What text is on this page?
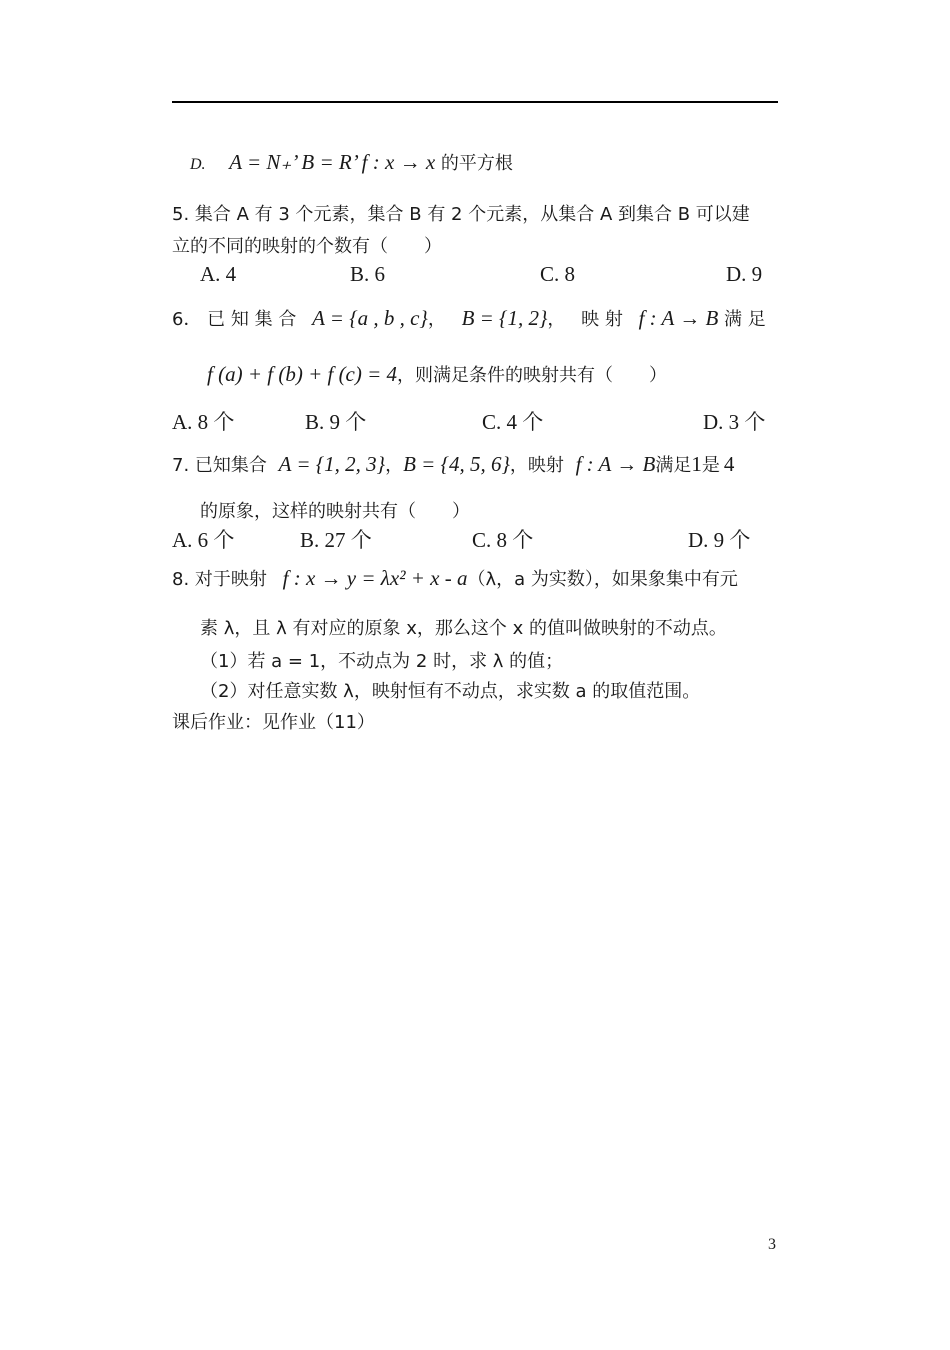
D. A = N₊’ B = R’ f : x → x 的平方根
5. 集合 A 有 3 个元素，集合 B 有 2 个元素，从集合 A 到集合 B 可以建
立的不同的映射的个数有（　　）
A. 4	B. 6	C. 8	D. 9
6． 已 知 集 合 A = {a , b , c}， B = {1, 2}， 映 射 f : A → B 满 足
f (a) + f (b) + f (c) = 4，则满足条件的映射共有（　　）
A. 8 个	B. 9 个	C. 4 个	D. 3 个
7. 已知集合 A = {1, 2, 3}，B = {4, 5, 6}，映射 f : A → B满足1是 4
的原象，这样的映射共有（　　）
A. 6 个	B. 27 个	C. 8 个	D. 9 个
8. 对于映射 f : x → y = λx² + x - a（λ，a 为实数），如果象集中有元
素 λ，且 λ 有对应的原象 x，那么这个 x 的值叫做映射的不动点。
（1）若 a = 1，不动点为 2 时，求 λ 的值；
（2）对任意实数 λ，映射恒有不动点，求实数 a 的取值范围。
课后作业：见作业（11）
3
